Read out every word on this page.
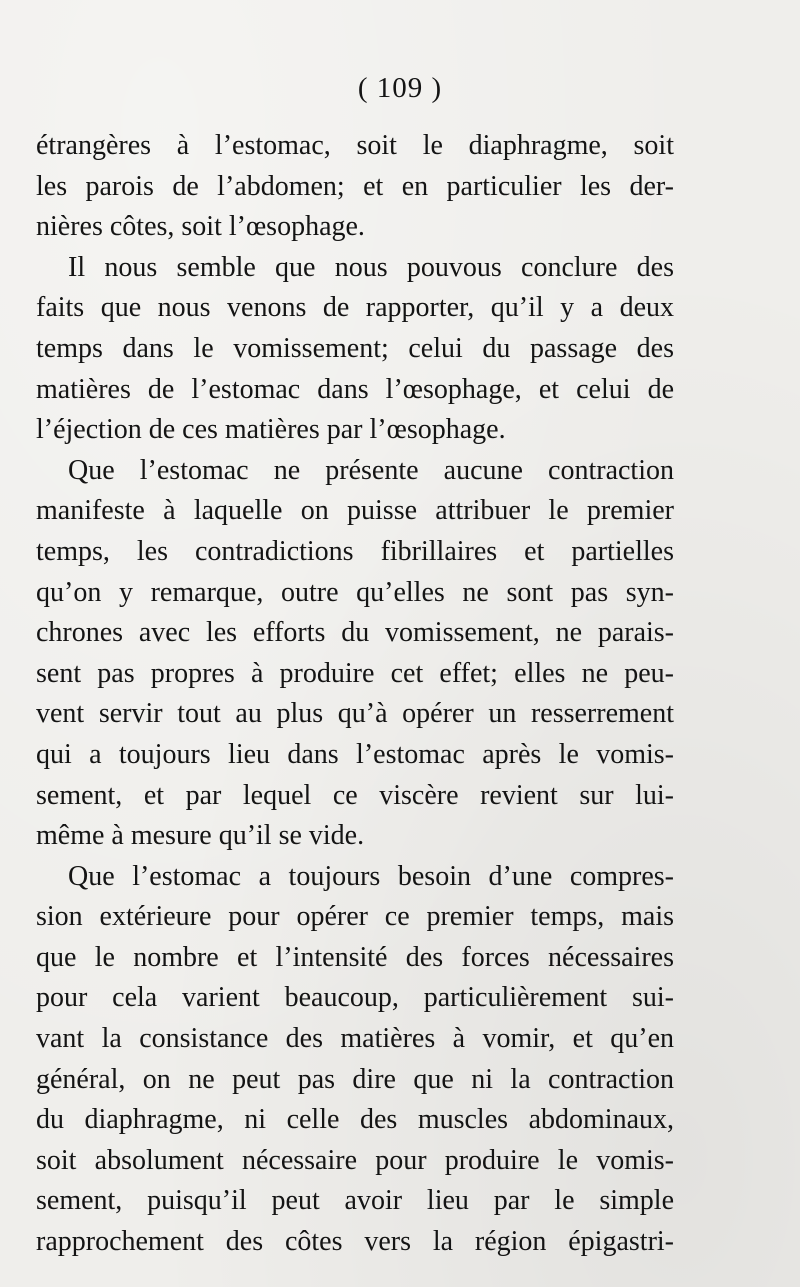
( 109 )
étrangères à l’estomac, soit le diaphragme, soit
les parois de l’abdomen; et en particulier les der-
nières côtes, soit l’œsophage.
Il nous semble que nous pouvous conclure des
faits que nous venons de rapporter, qu’il y a deux
temps dans le vomissement; celui du passage des
matières de l’estomac dans l’œsophage, et celui de
l’éjection de ces matières par l’œsophage.
Que l’estomac ne présente aucune contraction
manifeste à laquelle on puisse attribuer le premier
temps, les contradictions fibrillaires et partielles
qu’on y remarque, outre qu’elles ne sont pas syn-
chrones avec les efforts du vomissement, ne parais-
sent pas propres à produire cet effet; elles ne peu-
vent servir tout au plus qu’à opérer un resserrement
qui a toujours lieu dans l’estomac après le vomis-
sement, et par lequel ce viscère revient sur lui-
même à mesure qu’il se vide.
Que l’estomac a toujours besoin d’une compres-
sion extérieure pour opérer ce premier temps, mais
que le nombre et l’intensité des forces nécessaires
pour cela varient beaucoup, particulièrement sui-
vant la consistance des matières à vomir, et qu’en
général, on ne peut pas dire que ni la contraction
du diaphragme, ni celle des muscles abdominaux,
soit absolument nécessaire pour produire le vomis-
sement, puisqu’il peut avoir lieu par le simple
rapprochement des côtes vers la région épigastri-
